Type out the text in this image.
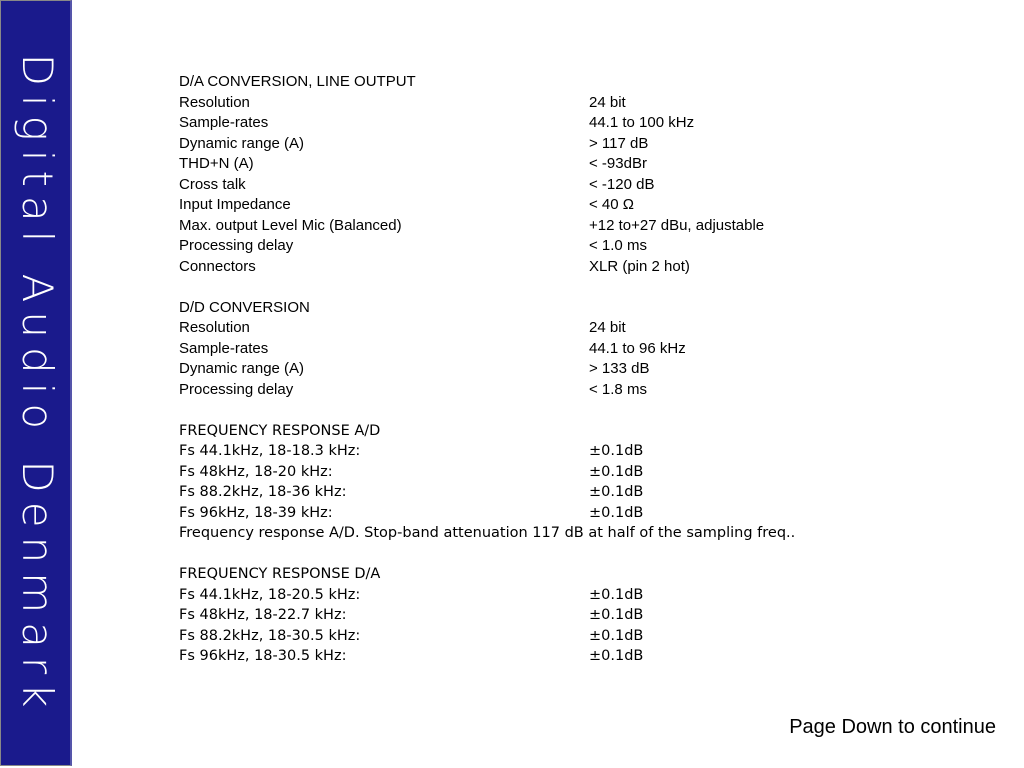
Digital Audio Denmark	D/A CONVERSION, LINE OUTPUT
Resolution	24 bit
Sample-rates	44.1 to 100 kHz
Dynamic range (A)	> 117 dB
THD+N (A)	< -93dBr
Cross talk	< -120 dB
Input Impedance	< 40 Ω
Max. output Level Mic (Balanced)	+12 to+27 dBu, adjustable
Processing delay	< 1.0 ms
Connectors	XLR (pin 2 hot)
D/D CONVERSION
Resolution	24 bit
Sample-rates	44.1 to 96 kHz
Dynamic range (A)	> 133 dB
Processing delay	< 1.8 ms
FREQUENCY RESPONSE A/D
Fs 44.1kHz, 18-18.3 kHz:	±0.1dB
Fs 48kHz, 18-20 kHz:	±0.1dB
Fs 88.2kHz, 18-36 kHz:	±0.1dB
Fs 96kHz, 18-39 kHz:	±0.1dB
Frequency response A/D. Stop-band attenuation 117 dB at half of the sampling freq..
FREQUENCY RESPONSE D/A
Fs 44.1kHz, 18-20.5 kHz:	±0.1dB
Fs 48kHz, 18-22.7 kHz:	±0.1dB
Fs 88.2kHz, 18-30.5 kHz:	±0.1dB
Fs 96kHz, 18-30.5 kHz:	±0.1dB
Page Down to continue
